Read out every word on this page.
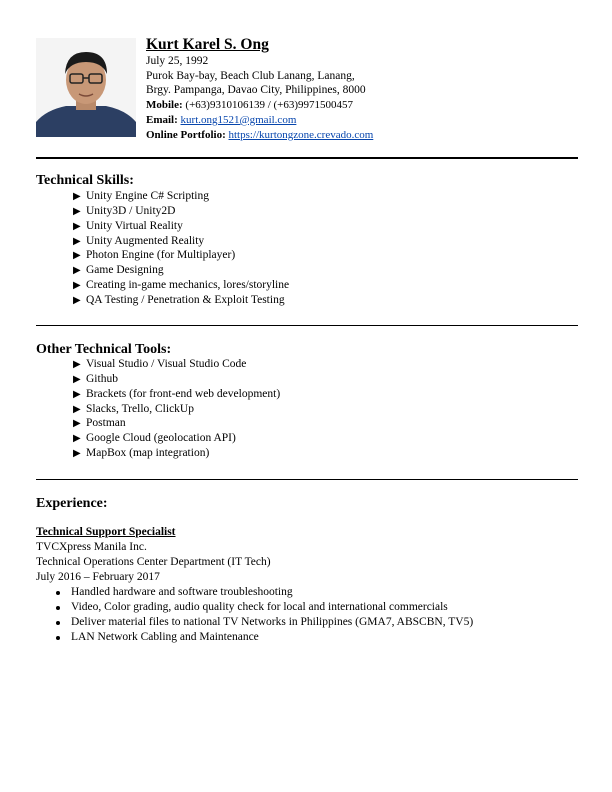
Kurt Karel S. Ong
July 25, 1992
Purok Bay-bay, Beach Club Lanang, Lanang,
Brgy. Pampanga, Davao City, Philippines, 8000
Mobile: (+63)9310106139 / (+63)9971500457
Email: kurt.ong1521@gmail.com
Online Portfolio: https://kurtongzone.crevado.com
Technical Skills:
▶ Unity Engine C# Scripting
▶ Unity3D / Unity2D
▶ Unity Virtual Reality
▶ Unity Augmented Reality
▶ Photon Engine (for Multiplayer)
▶ Game Designing
▶ Creating in-game mechanics, lores/storyline
▶ QA Testing / Penetration & Exploit Testing
Other Technical Tools:
▶ Visual Studio / Visual Studio Code
▶ Github
▶ Brackets (for front-end web development)
▶ Slacks, Trello, ClickUp
▶ Postman
▶ Google Cloud (geolocation API)
▶ MapBox (map integration)
Experience:
Technical Support Specialist
TVCXpress Manila Inc.
Technical Operations Center Department (IT Tech)
July 2016 – February 2017
Handled hardware and software troubleshooting
Video, Color grading, audio quality check for local and international commercials
Deliver material files to national TV Networks in Philippines (GMA7, ABSCBN, TV5)
LAN Network Cabling and Maintenance
